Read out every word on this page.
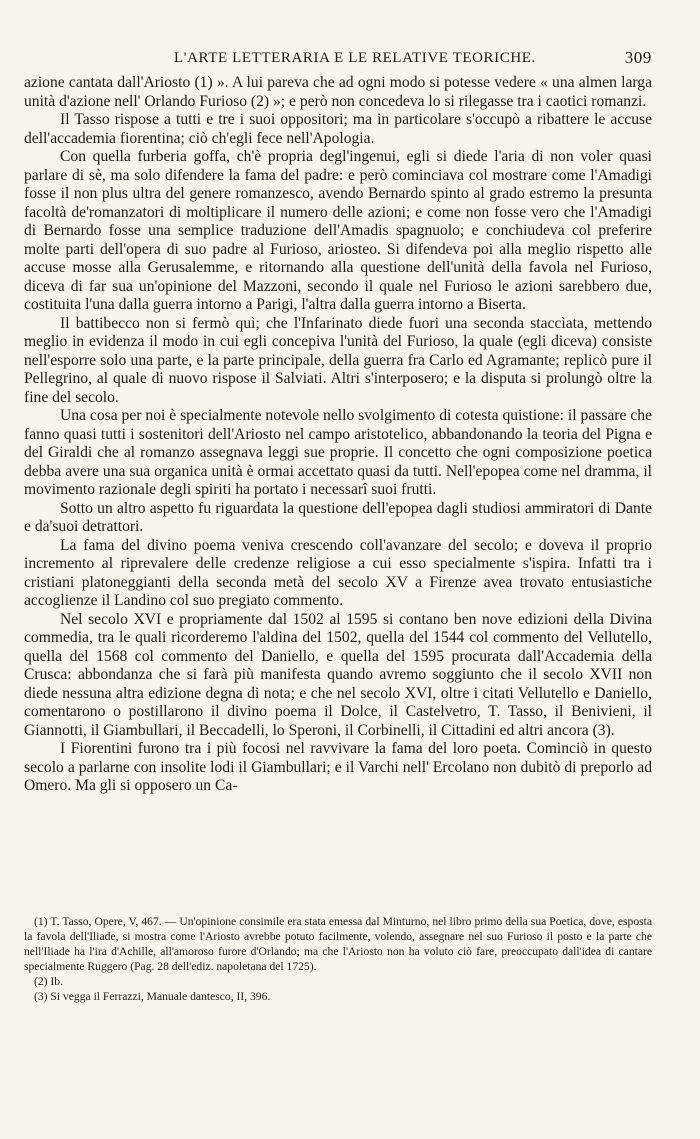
L'ARTE LETTERARIA E LE RELATIVE TEORICHE.	309

azione cantata dall'Ariosto (1) ». A lui pareva che ad ogni modo si potesse vedere « una almen larga unità d'azione nell' Orlando Furioso (2) »; e però non concedeva lo si rilegasse tra i caotici romanzi.

Il Tasso rispose a tutti e tre i suoi oppositori; ma in particolare s'occupò a ribattere le accuse dell'accademia fiorentina; ciò ch'egli fece nell'Apologia.

Con quella furberia goffa, ch'è propria degl'ingenui, egli si diede l'aria di non voler quasi parlare di sè, ma solo difendere la fama del padre: e però cominciava col mostrare come l'Amadigi fosse il non plus ultra del genere romanzesco, avendo Bernardo spinto al grado estremo la presunta facoltà de'romanzatori di moltiplicare il numero delle azioni; e come non fosse vero che l'Amadigi di Bernardo fosse una semplice traduzione dell'Amadis spagnuolo; e conchiudeva col preferire molte parti dell'opera di suo padre al Furioso, ariosteo. Si difendeva poi alla meglio rispetto alle accuse mosse alla Gerusalemme, e ritornando alla questione dell'unità della favola nel Furioso, diceva di far sua un'opinione del Mazzoni, secondo il quale nel Furioso le azioni sarebbero due, costituita l'una dalla guerra intorno a Parigi, l'altra dalla guerra intorno a Biserta.

Il battibecco non si fermò quì; che l'Infarinato diede fuori una seconda staccìata, mettendo meglio in evidenza il modo in cui egli concepiva l'unità del Furioso, la quale (egli diceva) consiste nell'esporre solo una parte, e la parte principale, della guerra fra Carlo ed Agramante; replicò pure il Pellegrino, al quale di nuovo rispose il Salviati. Altri s'interposero; e la disputa si prolungò oltre la fine del secolo.

Una cosa per noi è specialmente notevole nello svolgimento di cotesta quistione: il passare che fanno quasi tutti i sostenitori dell'Ariosto nel campo aristotelico, abbandonando la teoria del Pigna e del Giraldi che al romanzo assegnava leggi sue proprie. Il concetto che ogni composizione poetica debba avere una sua organica unità è ormai accettato quasi da tutti. Nell'epopea come nel dramma, il movimento razionale degli spiriti ha portato i necessarî suoi frutti.

Sotto un altro aspetto fu riguardata la questione dell'epopea dagli studiosi ammiratori di Dante e da'suoi detrattori.

La fama del divino poema veniva crescendo coll'avanzare del secolo; e doveva il proprio incremento al riprevalere delle credenze religiose a cui esso specialmente s'ispira. Infatti tra i cristiani platoneggianti della seconda metà del secolo XV a Firenze avea trovato entusiastiche accoglienze il Landino col suo pregiato commento.

Nel secolo XVI e propriamente dal 1502 al 1595 si contano ben nove edizioni della Divina commedia, tra le quali ricorderemo l'aldina del 1502, quella del 1544 col commento del Vellutello, quella del 1568 col commento del Daniello, e quella del 1595 procurata dall'Accademia della Crusca: abbondanza che si farà più manifesta quando avremo soggiunto che il secolo XVII non diede nessuna altra edizione degna di nota; e che nel secolo XVI, oltre i citati Vellutello e Daniello, comentarono o postillarono il divino poema il Dolce, il Castelvetro, T. Tasso, il Benivieni, il Giannotti, il Giambullari, il Beccadelli, lo Speroni, il Corbinelli, il Cittadini ed altri ancora (3).

I Fiorentini furono tra i più focosi nel ravvivare la fama del loro poeta. Cominciò in questo secolo a parlarne con insolite lodi il Giambullari; e il Varchi nell' Ercolano non dubitò di preporlo ad Omero. Ma gli si opposero un Ca-

(1) T. Tasso, Opere, V, 467. — Un'opinione consimile era stata emessa dal Minturno, nel libro primo della sua Poetica, dove, esposta la favola dell'Iliade, si mostra come l'Ariosto avrebbe potuto facilmente, volendo, assegnare nel suo Furioso il posto e la parte che nell'Iliade ha l'ira d'Achille, all'amoroso furore d'Orlando; ma che l'Ariosto non ha voluto ciò fare, preoccupato dall'idea di cantare specialmente Ruggero (Pag. 28 dell'ediz. napoletana del 1725).

(2) Ib.

(3) Si vegga il Ferrazzi, Manuale dantesco, II, 396.
